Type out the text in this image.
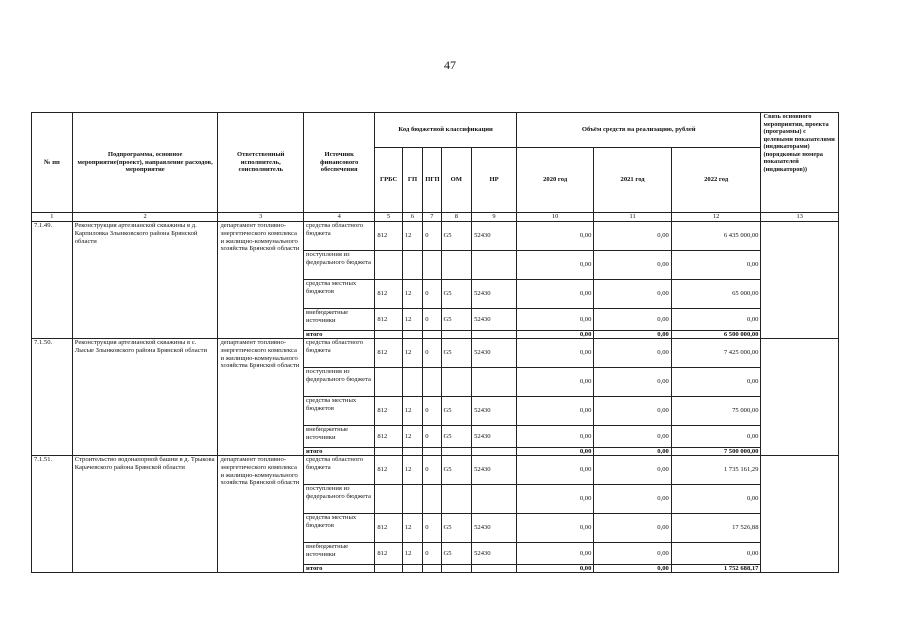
47
№ пп	Подпрограмма, основное мероприятие(проект), направление расходов, мероприятие	Ответственный исполнитель, соисполнитель	Источник финансового обеспечения	Код бюджетной классификации					Объём средств на реализацию, рублей			Связь основного мероприятия, проекта (программы) с целевыми показателями (индикаторами) (порядковые номера показателей (индикаторов))
				ГРБС	ГП	ПГП	ОМ	НР	2020 год	2021 год	2022 год	
1	2	3	4	5	6	7	8	9	10	11	12	13
7.1.49.	Реконструкция артезианской скважины в д. Карпиловка Злынковского района Брянской области	департамент топливно-энергетического комплекса и жилищно-коммунального хозяйства Брянской области	средства областного бюджета	812	12	0	G5	52430	0,00	0,00	6 435 000,00	
			поступления из федерального бюджета						0,00	0,00	0,00	
			средства местных бюджетов	812	12	0	G5	52430	0,00	0,00	65 000,00	
			внебюджетные источники	812	12	0	G5	52430	0,00	0,00	0,00	
			итого						0,00	0,00	6 500 000,00	
7.1.50.	Реконструкция артезианской скважины в с. Лысые Злынковского района Брянской области	департамент топливно-энергетического комплекса и жилищно-коммунального хозяйства Брянской области	средства областного бюджета	812	12	0	G5	52430	0,00	0,00	7 425 000,00	
			поступления из федерального бюджета						0,00	0,00	0,00	
			средства местных бюджетов	812	12	0	G5	52430	0,00	0,00	75 000,00	
			внебюджетные источники	812	12	0	G5	52430	0,00	0,00	0,00	
			итого						0,00	0,00	7 500 000,00	
7.1.51.	Строительство водонапорной башни в д. Трыкова Карачевского района Брянской области	департамент топливно-энергетического комплекса и жилищно-коммунального хозяйства Брянской области	средства областного бюджета	812	12	0	G5	52430	0,00	0,00	1 735 161,29	
			поступления из федерального бюджета						0,00	0,00	0,00	
			средства местных бюджетов	812	12	0	G5	52430	0,00	0,00	17 526,88	
			внебюджетные источники	812	12	0	G5	52430	0,00	0,00	0,00	
			итого						0,00	0,00	1 752 688,17	
